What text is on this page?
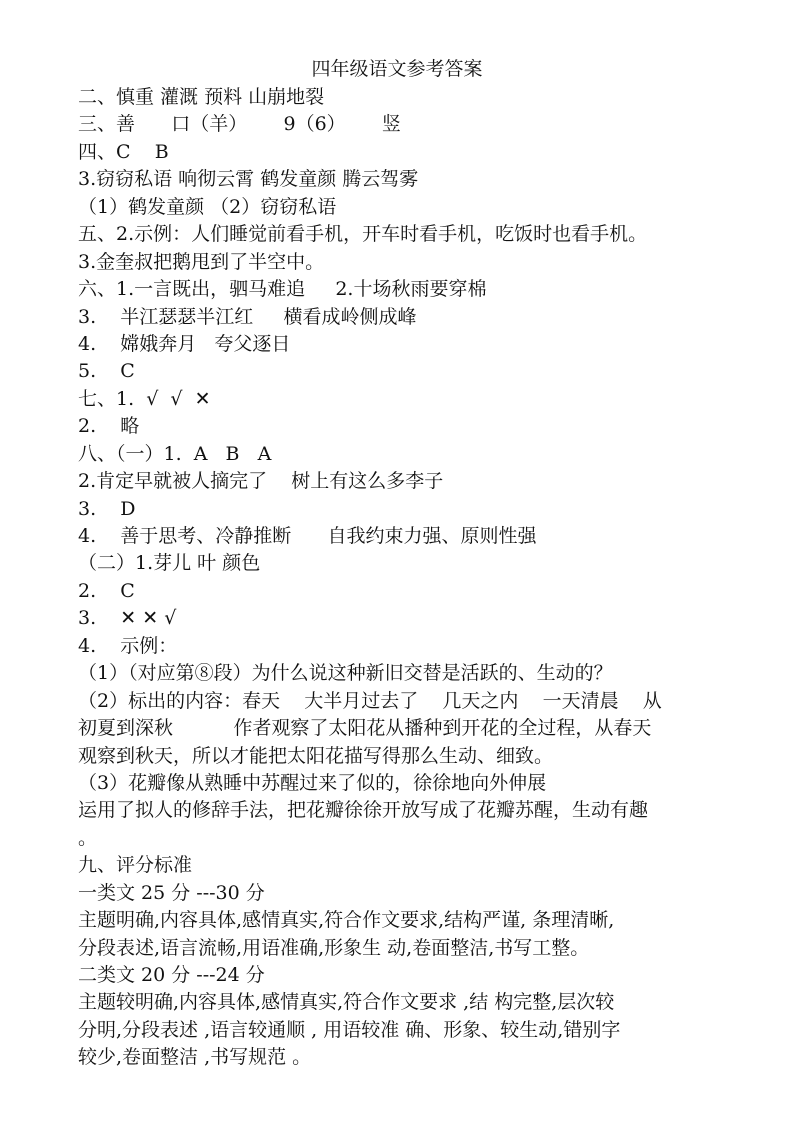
四年级语文参考答案
二、慎重 灌溉 预料 山崩地裂
三、善      口（羊）      9（6）      竖
四、C    B
3.窃窃私语 响彻云霄 鹤发童颜 腾云驾雾
（1）鹤发童颜 （2）窃窃私语
五、2.示例：人们睡觉前看手机，开车时看手机，吃饭时也看手机。
3.金奎叔把鹅甩到了半空中。
六、1.一言既出，驷马难追     2.十场秋雨要穿棉
3.    半江瑟瑟半江红     横看成岭侧成峰
4.    嫦娥奔月   夸父逐日
5.    C
七、1.  √  √  ✕
2.    略
八、（一）1.  A   B   A
2.肯定早就被人摘完了    树上有这么多李子
3.    D
4.    善于思考、冷静推断      自我约束力强、原则性强
（二）1.芽儿 叶 颜色
2.    C
3.    ✕ ✕ √
4.    示例：
（1）（对应第⑧段）为什么说这种新旧交替是活跃的、生动的？
（2）标出的内容：春天    大半月过去了    几天之内    一天清晨    从
初夏到深秋          作者观察了太阳花从播种到开花的全过程，从春天
观察到秋天，所以才能把太阳花描写得那么生动、细致。
（3）花瓣像从熟睡中苏醒过来了似的，徐徐地向外伸展
运用了拟人的修辞手法，把花瓣徐徐开放写成了花瓣苏醒，生动有趣
。
九、评分标准
一类文 25 分 ---30 分
主题明确,内容具体,感情真实,符合作文要求,结构严谨, 条理清晰,
分段表述,语言流畅,用语准确,形象生 动,卷面整洁,书写工整。
二类文 20 分 ---24 分
主题较明确,内容具体,感情真实,符合作文要求 ,结 构完整,层次较
分明,分段表述 ,语言较通顺 , 用语较准 确、形象、较生动,错别字
较少,卷面整洁 ,书写规范 。
